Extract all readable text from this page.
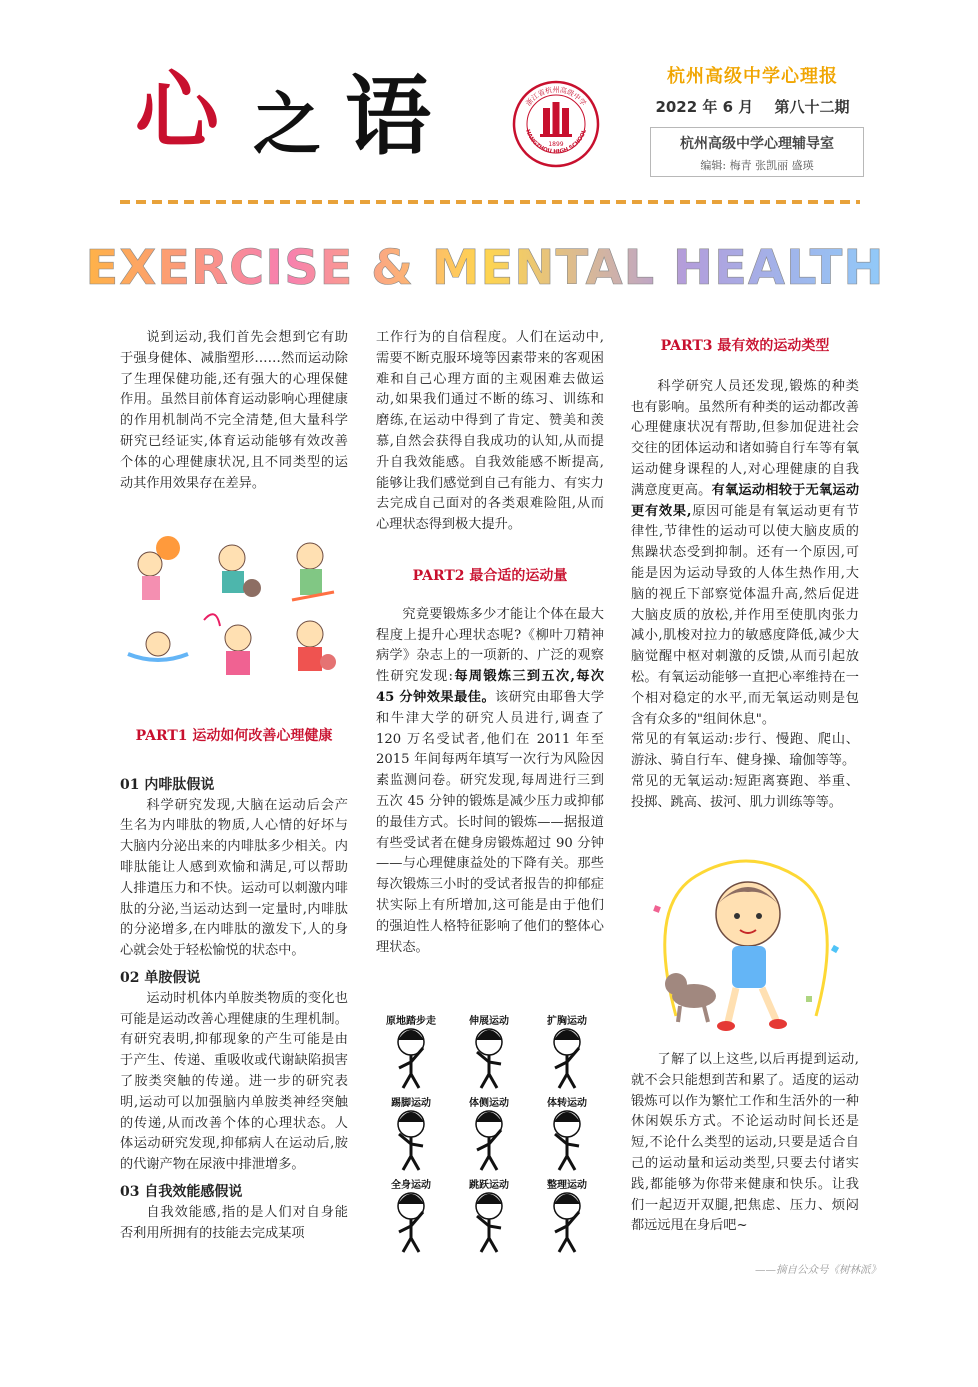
心 之 语	浙江省杭州高级中学
HANGZHOU HIGH SCHOOL
1899
杭州高级中学心理报
2022 年 6 月 第八十二期
杭州高级中学心理辅导室
编辑: 梅青 张凯丽 盛瑛
EXERCISE & MENTAL HEALTH

说到运动,我们首先会想到它有助于强身健体、减脂塑形……然而运动除了生理保健功能,还有强大的心理保健作用。虽然目前体育运动影响心理健康的作用机制尚不完全清楚,但大量科学研究已经证实,体育运动能够有效改善个体的心理健康状况,且不同类型的运动其作用效果存在差异。

PART1 运动如何改善心理健康
01 内啡肽假说

科学研究发现,大脑在运动后会产生名为内啡肽的物质,人心情的好坏与大脑内分泌出来的内啡肽多少相关。内啡肽能让人感到欢愉和满足,可以帮助人排遣压力和不快。运动可以刺激内啡肽的分泌,当运动达到一定量时,内啡肽的分泌增多,在内啡肽的激发下,人的身心就会处于轻松愉悦的状态中。

02 单胺假说

运动时机体内单胺类物质的变化也可能是运动改善心理健康的生理机制。有研究表明,抑郁现象的产生可能是由于产生、传递、重吸收或代谢缺陷损害了胺类突触的传递。进一步的研究表明,运动可以加强脑内单胺类神经突触的传递,从而改善个体的心理状态。人体运动研究发现,抑郁病人在运动后,胺的代谢产物在尿液中排泄增多。

03 自我效能感假说

自我效能感,指的是人们对自身能否利用所拥有的技能去完成某项

工作行为的自信程度。人们在运动中,需要不断克服环境等因素带来的客观困难和自己心理方面的主观困难去做运动,如果我们通过不断的练习、训练和磨练,在运动中得到了肯定、赞美和羡慕,自然会获得自我成功的认知,从而提升自我效能感。自我效能感不断提高,能够让我们感觉到自己有能力、有实力去完成自己面对的各类艰难险阻,从而心理状态得到极大提升。

PART2 最合适的运动量

究竟要锻炼多少才能让个体在最大程度上提升心理状态呢?《柳叶刀精神病学》杂志上的一项新的、广泛的观察性研究发现:每周锻炼三到五次,每次 45 分钟效果最佳。该研究由耶鲁大学和牛津大学的研究人员进行,调查了 120 万名受试者,他们在 2011 年至 2015 年间每两年填写一次行为风险因素监测问卷。研究发现,每周进行三到五次 45 分钟的锻炼是减少压力或抑郁的最佳方式。长时间的锻炼——据报道有些受试者在健身房锻炼超过 90 分钟——与心理健康益处的下降有关。那些每次锻炼三小时的受试者报告的抑郁症状实际上有所增加,这可能是由于他们的强迫性人格特征影响了他们的整体心理状态。

原地踏步走	伸展运动	扩胸运动
踢脚运动	体侧运动	体转运动
全身运动	跳跃运动	整理运动
PART3 最有效的运动类型

科学研究人员还发现,锻炼的种类也有影响。虽然所有种类的运动都改善心理健康状况有帮助,但参加促进社会交往的团体运动和诸如骑自行车等有氧运动健身课程的人,对心理健康的自我满意度更高。有氧运动相较于无氧运动更有效果,原因可能是有氧运动更有节律性,节律性的运动可以使大脑皮质的焦躁状态受到抑制。还有一个原因,可能是因为运动导致的人体生热作用,大脑的视丘下部察觉体温升高,然后促进大脑皮质的放松,并作用至使肌肉张力减小,肌梭对拉力的敏感度降低,减少大脑觉醒中枢对刺激的反馈,从而引起放松。有氧运动能够一直把心率维持在一个相对稳定的水平,而无氧运动则是包含有众多的"组间休息"。

常见的有氧运动:步行、慢跑、爬山、游泳、骑自行车、健身操、瑜伽等等。

常见的无氧运动:短距离赛跑、举重、投掷、跳高、拔河、肌力训练等等。

了解了以上这些,以后再提到运动,就不会只能想到苦和累了。适度的运动锻炼可以作为繁忙工作和生活外的一种休闲娱乐方式。不论运动时间长还是短,不论什么类型的运动,只要是适合自己的运动量和运动类型,只要去付诸实践,都能够为你带来健康和快乐。让我们一起迈开双腿,把焦虑、压力、烦闷都远远甩在身后吧~

——摘自公众号《树林派》
